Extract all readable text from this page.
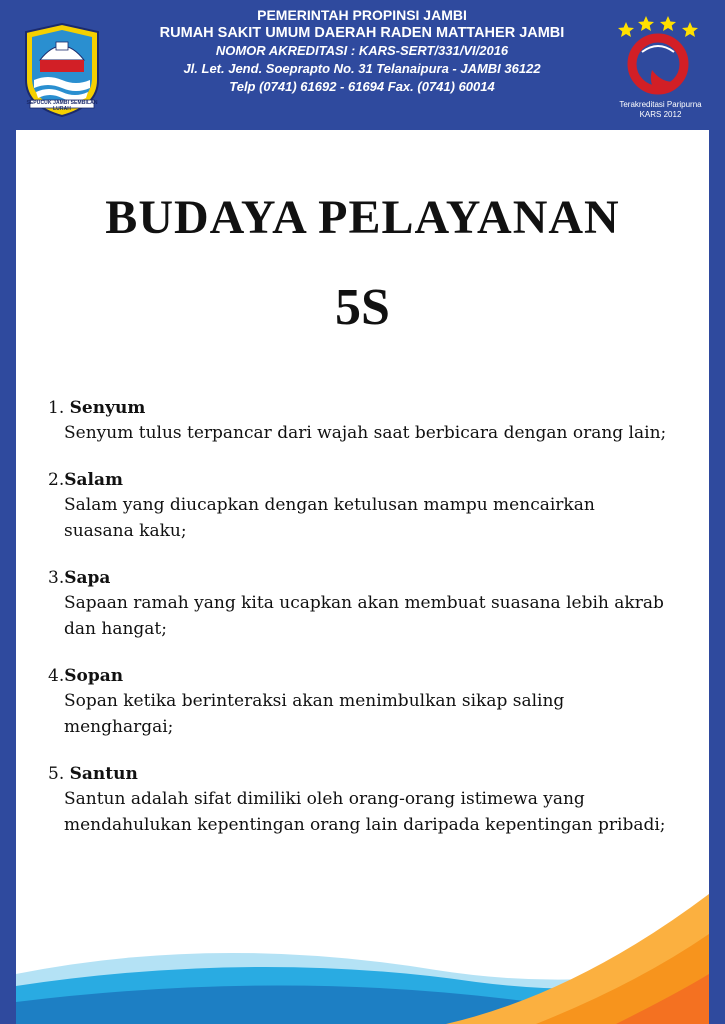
SEPUCUK JAMBI SEMBILAN LURAH
PEMERINTAH PROPINSI JAMBI
RUMAH SAKIT UMUM DAERAH RADEN MATTAHER JAMBI
NOMOR AKREDITASI : KARS-SERT/331/VI/2016
Jl. Let. Jend. Soeprapto No. 31 Telanaipura - JAMBI 36122
Telp (0741) 61692 - 61694 Fax. (0741) 60014
Terakreditasi Paripurna
KARS 2012
BUDAYA PELAYANAN
5S
1. Senyum
Senyum tulus terpancar dari wajah saat berbicara dengan orang lain;
2.Salam
Salam yang diucapkan dengan ketulusan mampu mencairkan suasana kaku;
3.Sapa
Sapaan ramah yang kita ucapkan akan membuat suasana lebih akrab dan hangat;
4.Sopan
Sopan ketika berinteraksi akan menimbulkan sikap saling menghargai;
5. Santun
Santun adalah sifat dimiliki oleh orang-orang istimewa yang mendahulukan kepentingan orang lain daripada kepentingan pribadi;
